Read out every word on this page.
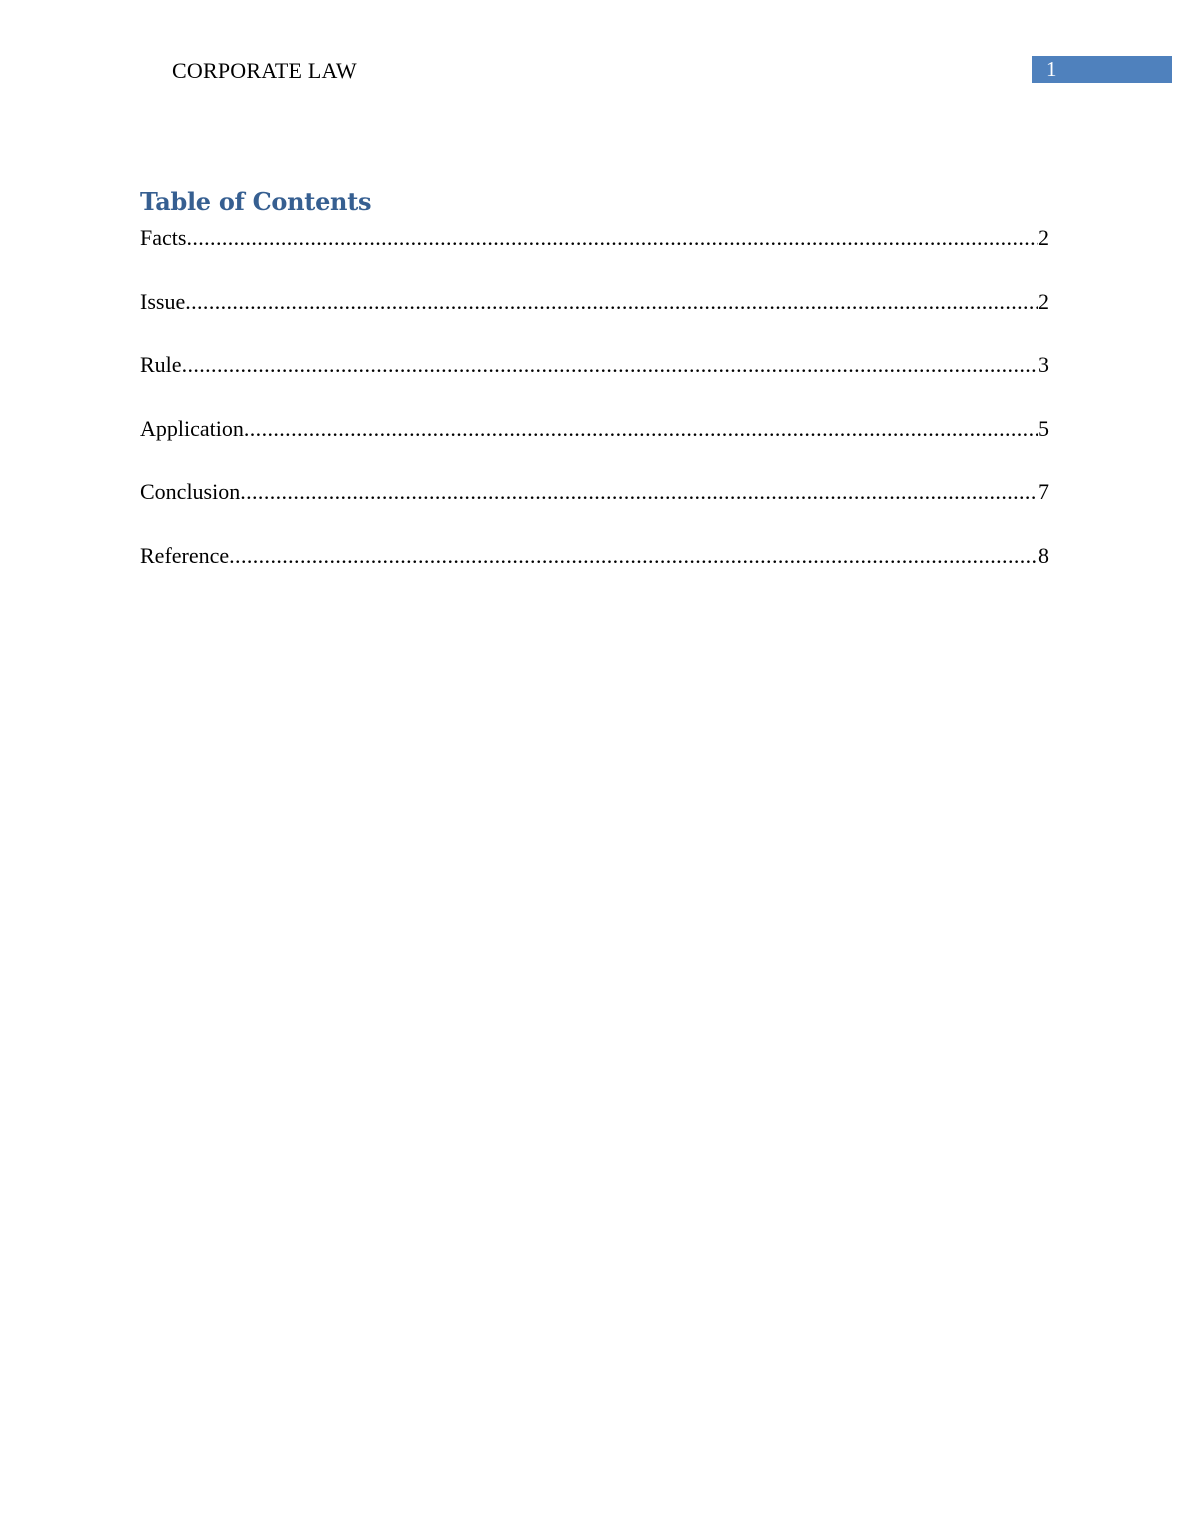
CORPORATE LAW	1
Table of Contents
Facts .....	2
Issue .....	2
Rule .....	3
Application .....	5
Conclusion .....	7
Reference .....	8
